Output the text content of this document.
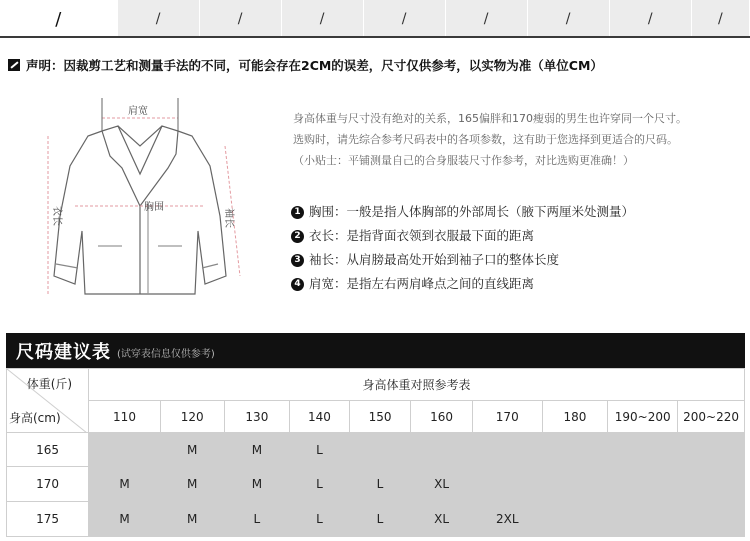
/	/	/	/	/	/	/	/	/
声明：因裁剪工艺和测量手法的不同，可能会存在2CM的误差，尺寸仅供参考，以实物为准（单位CM）
肩宽
胸围
衣长	袖长
身高体重与尺寸没有绝对的关系，165偏胖和170瘦弱的男生也许穿同一个尺寸。选购时，请先综合参考尺码表中的各项参数，这有助于您选择到更适合的尺码。（小贴士：平铺测量自己的合身服装尺寸作参考，对比选购更准确！）
1 胸围：一般是指人体胸部的外部周长（腋下两厘米处测量）
2 衣长：是指背面衣领到衣服最下面的距离
3 袖长：从肩膀最高处开始到袖子口的整体长度
4 肩宽：是指左右两肩峰点之间的直线距离
尺码建议表 (试穿表信息仅供参考)
体重(斤)
身高(cm)	身高体重对照参考表									
	110	120	130	140	150	160	170	180	190~200	200~220
165		M	M	L						
170	M	M	M	L	L	XL				
175	M	M	L	L	L	XL	2XL			
